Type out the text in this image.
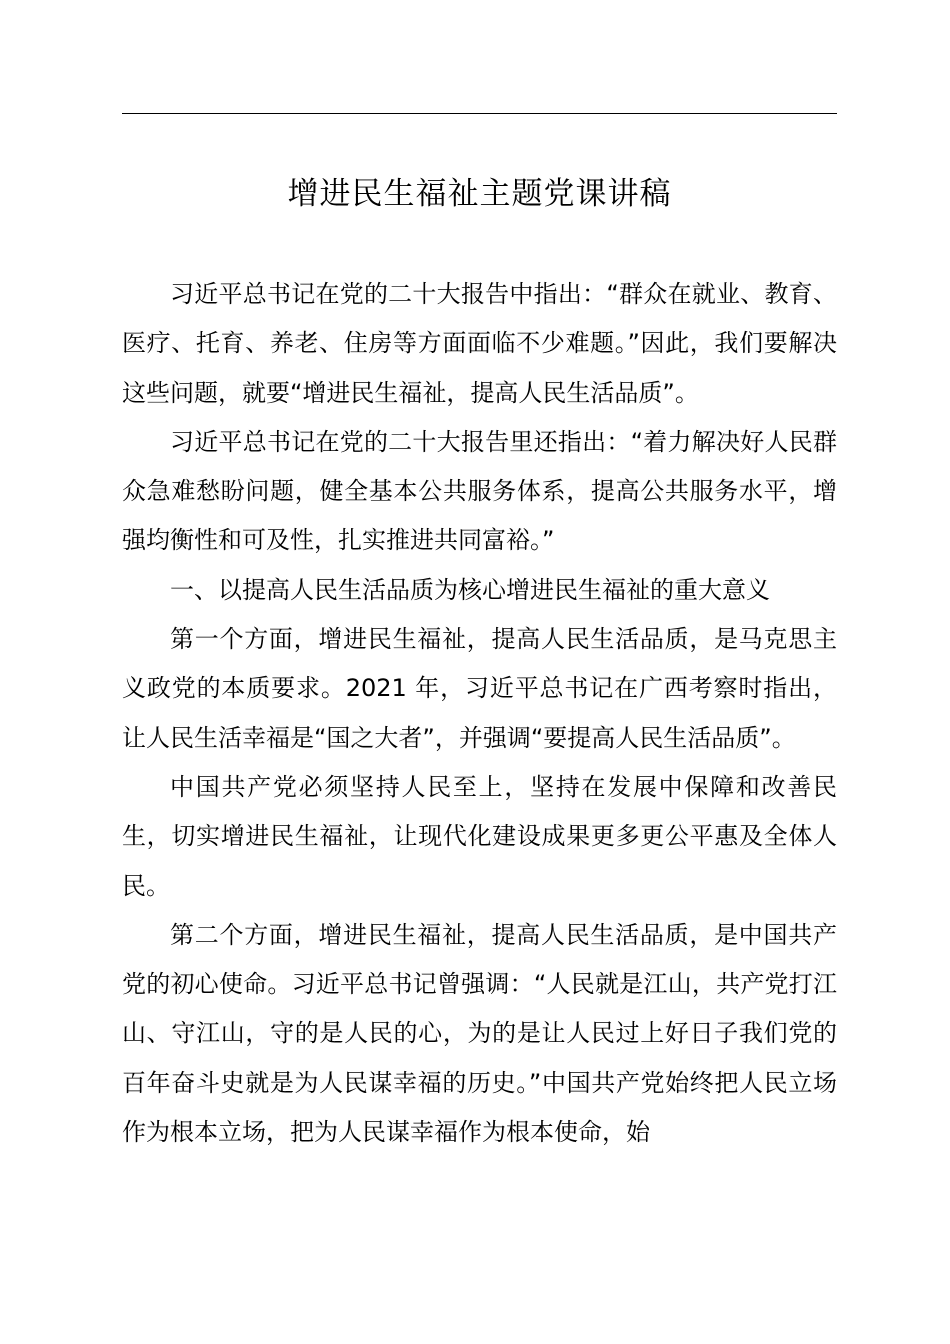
增进民生福祉主题党课讲稿

习近平总书记在党的二十大报告中指出：“群众在就业、教育、医疗、托育、养老、住房等方面面临不少难题。”因此，我们要解决这些问题，就要“增进民生福祉，提高人民生活品质”。

习近平总书记在党的二十大报告里还指出：“着力解决好人民群众急难愁盼问题，健全基本公共服务体系，提高公共服务水平，增强均衡性和可及性，扎实推进共同富裕。”

一、以提高人民生活品质为核心增进民生福祉的重大意义

第一个方面，增进民生福祉，提高人民生活品质，是马克思主义政党的本质要求。2021 年，习近平总书记在广西考察时指出，让人民生活幸福是“国之大者”，并强调“要提高人民生活品质”。

中国共产党必须坚持人民至上，坚持在发展中保障和改善民生，切实增进民生福祉，让现代化建设成果更多更公平惠及全体人民。

第二个方面，增进民生福祉，提高人民生活品质，是中国共产党的初心使命。习近平总书记曾强调：“人民就是江山，共产党打江山、守江山，守的是人民的心，为的是让人民过上好日子我们党的百年奋斗史就是为人民谋幸福的历史。”中国共产党始终把人民立场作为根本立场，把为人民谋幸福作为根本使命，始
